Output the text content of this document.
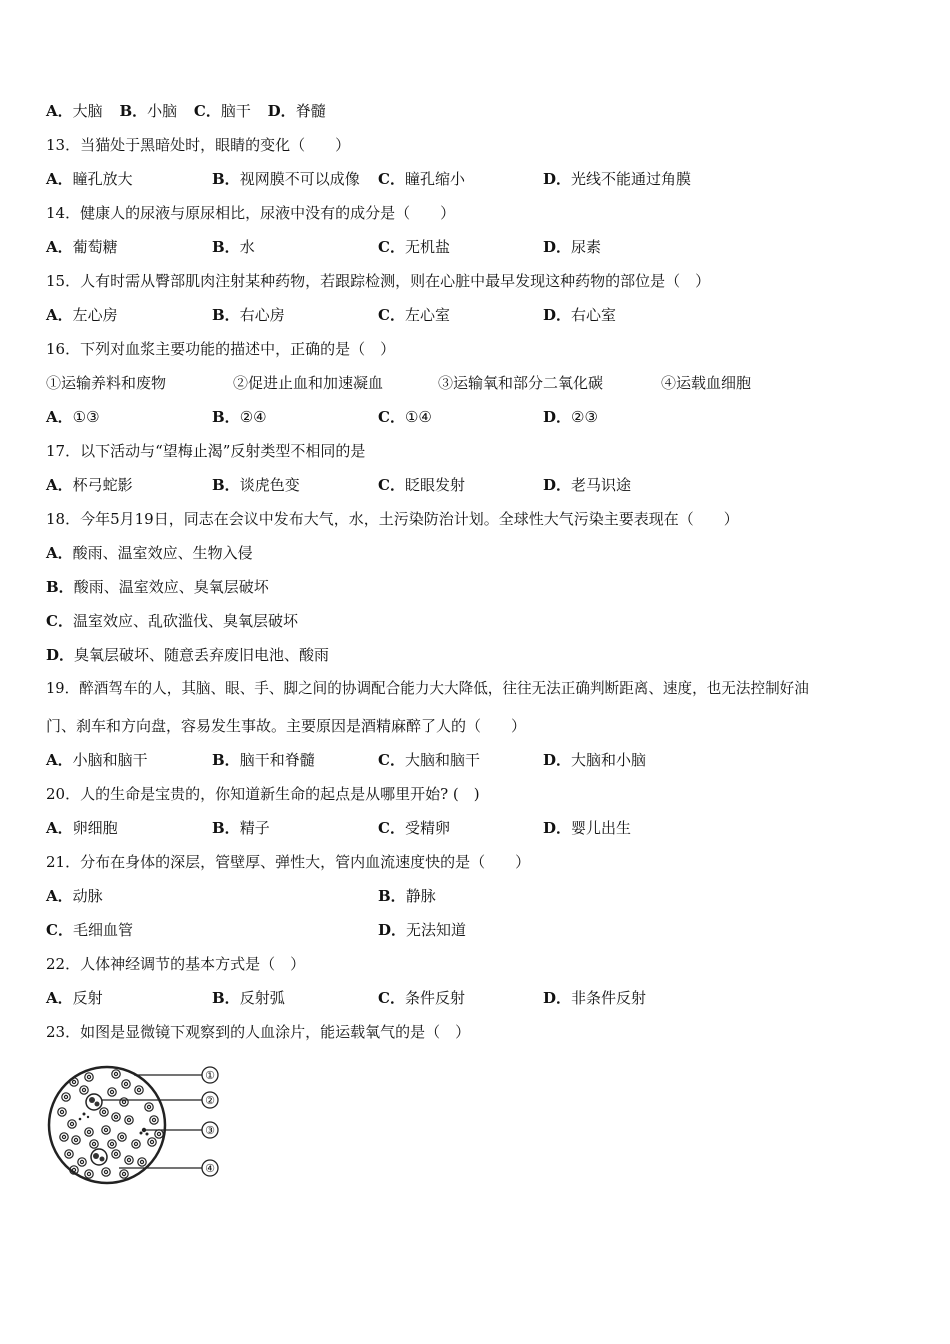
A．大脑 B．小脑 C．脑干 D．脊髓
13．当猫处于黑暗处时，眼睛的变化（　　）
A．瞳孔放大	B．视网膜不可以成像 C．瞳孔缩小	D．光线不能通过角膜
14．健康人的尿液与原尿相比，尿液中没有的成分是（　　）
A．葡萄糖	B．水	C．无机盐	D．尿素
15．人有时需从臀部肌肉注射某种药物，若跟踪检测，则在心脏中最早发现这种药物的部位是（　）
A．左心房	B．右心房	C．左心室	D．右心室
16．下列对血浆主要功能的描述中，正确的是（　）
①运输养料和废物	②促进止血和加速凝血	③运输氧和部分二氧化碳	④运载血细胞
A．①③	B．②④	C．①④	D．②③
17．以下活动与“望梅止渴”反射类型不相同的是
A．杯弓蛇影	B．谈虎色变	C．眨眼发射	D．老马识途
18．今年5月19日，同志在会议中发布大气，水，土污染防治计划。全球性大气污染主要表现在（　　）
A．酸雨、温室效应、生物入侵
B．酸雨、温室效应、臭氧层破坏
C．温室效应、乱砍滥伐、臭氧层破坏
D．臭氧层破坏、随意丢弃废旧电池、酸雨
19．醉酒驾车的人，其脑、眼、手、脚之间的协调配合能力大大降低，往往无法正确判断距离、速度，也无法控制好油
门、刹车和方向盘，容易发生事故。主要原因是酒精麻醉了人的（　　）
A．小脑和脑干	B．脑干和脊髓	C．大脑和脑干	D．大脑和小脑
20．人的生命是宝贵的，你知道新生命的起点是从哪里开始? (　)
A．卵细胞	B．精子	C．受精卵	D．婴儿出生
21．分布在身体的深层，管壁厚、弹性大，管内血流速度快的是（　　）
A．动脉	B．静脉
C．毛细血管	D．无法知道
22．人体神经调节的基本方式是（　）
A．反射	B．反射弧	C．条件反射	D．非条件反射
23．如图是显微镜下观察到的人血涂片，能运载氧气的是（　）
①
②
③
④
